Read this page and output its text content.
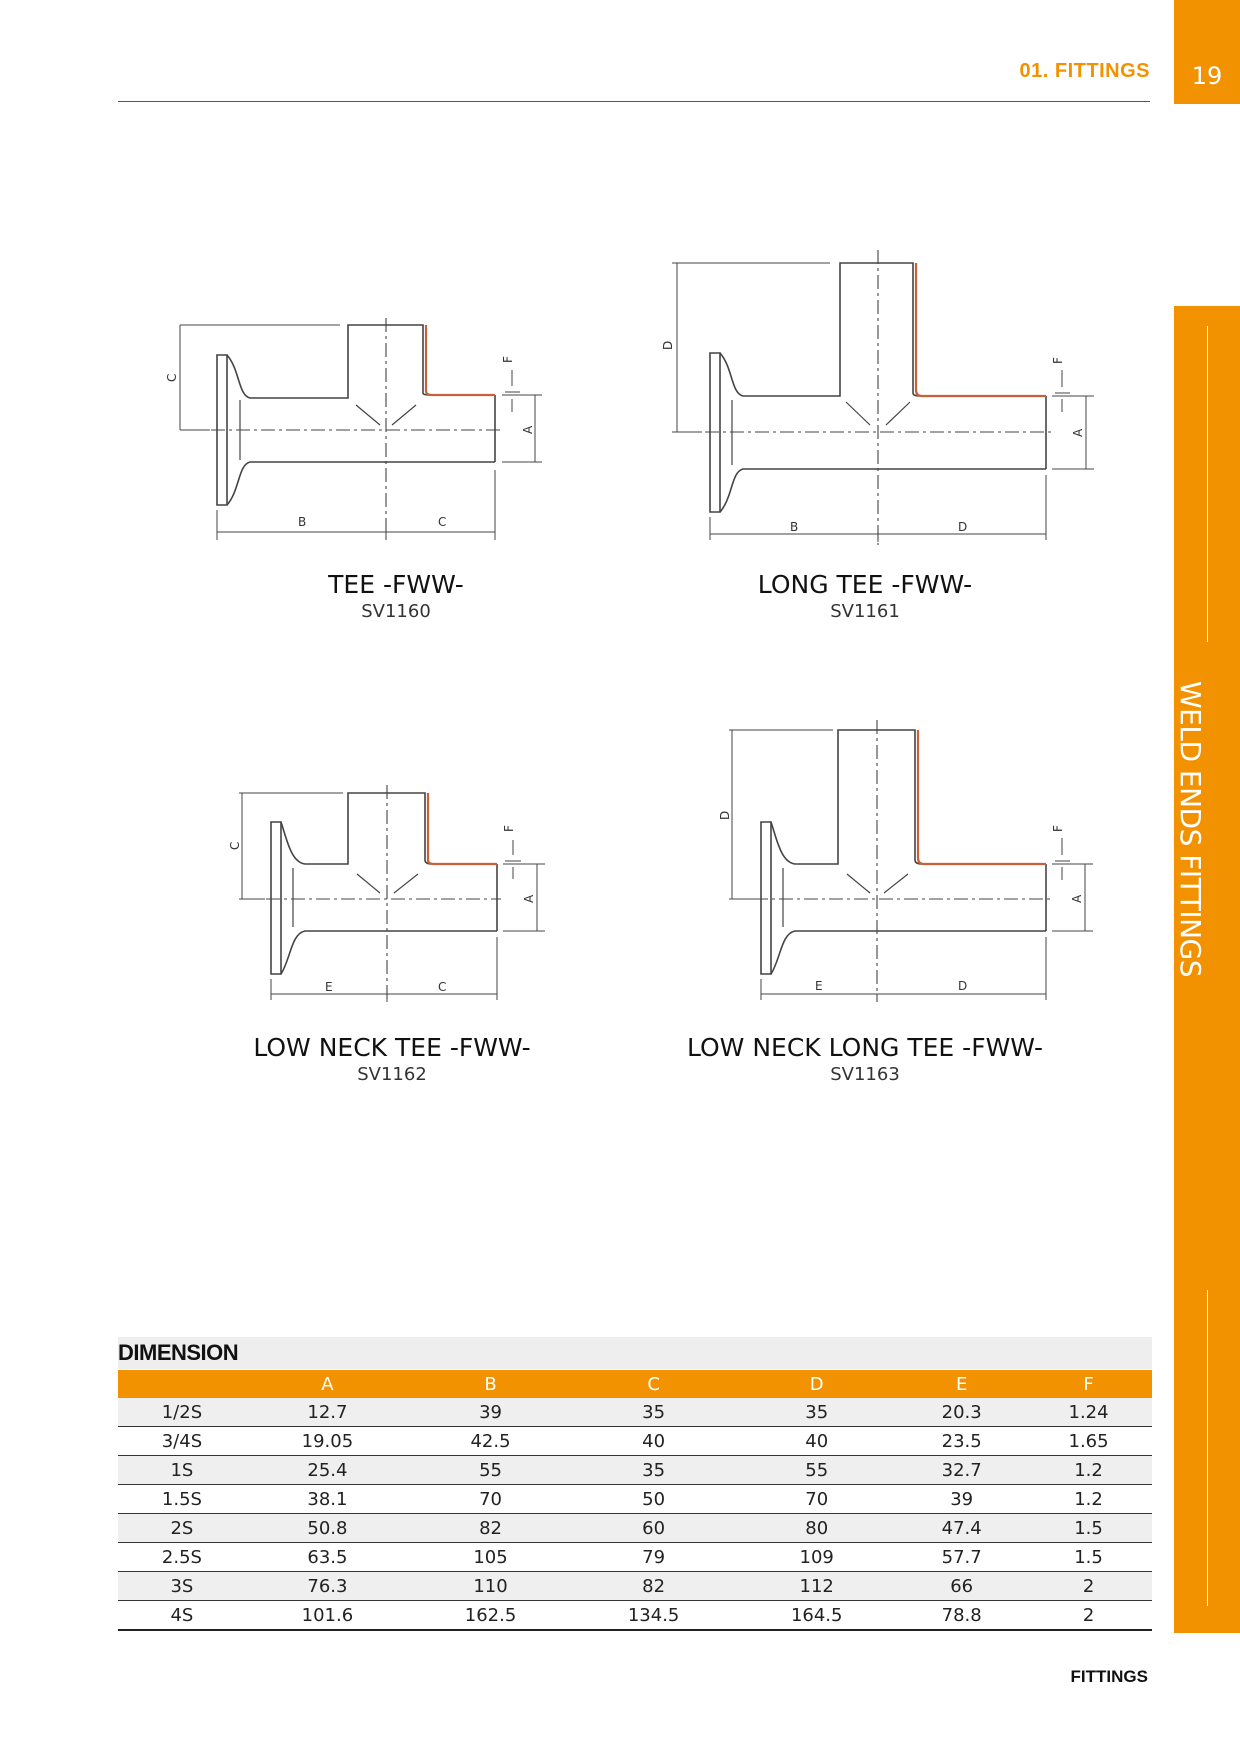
01. FITTINGS	19
WELD ENDS FITTINGS
C
F
A
B	C
TEE -FWW-
SV1160
D
F
A
B	D
LONG TEE -FWW-
SV1161
C
F
A
E	C
LOW NECK TEE -FWW-
SV1162
D
F
A
E	D
LOW NECK LONG TEE -FWW-
SV1163
DIMENSION
	A	B	C	D	E	F
1/2S	12.7	39	35	35	20.3	1.24
3/4S	19.05	42.5	40	40	23.5	1.65
1S	25.4	55	35	55	32.7	1.2
1.5S	38.1	70	50	70	39	1.2
2S	50.8	82	60	80	47.4	1.5
2.5S	63.5	105	79	109	57.7	1.5
3S	76.3	110	82	112	66	2
4S	101.6	162.5	134.5	164.5	78.8	2
FITTINGS
